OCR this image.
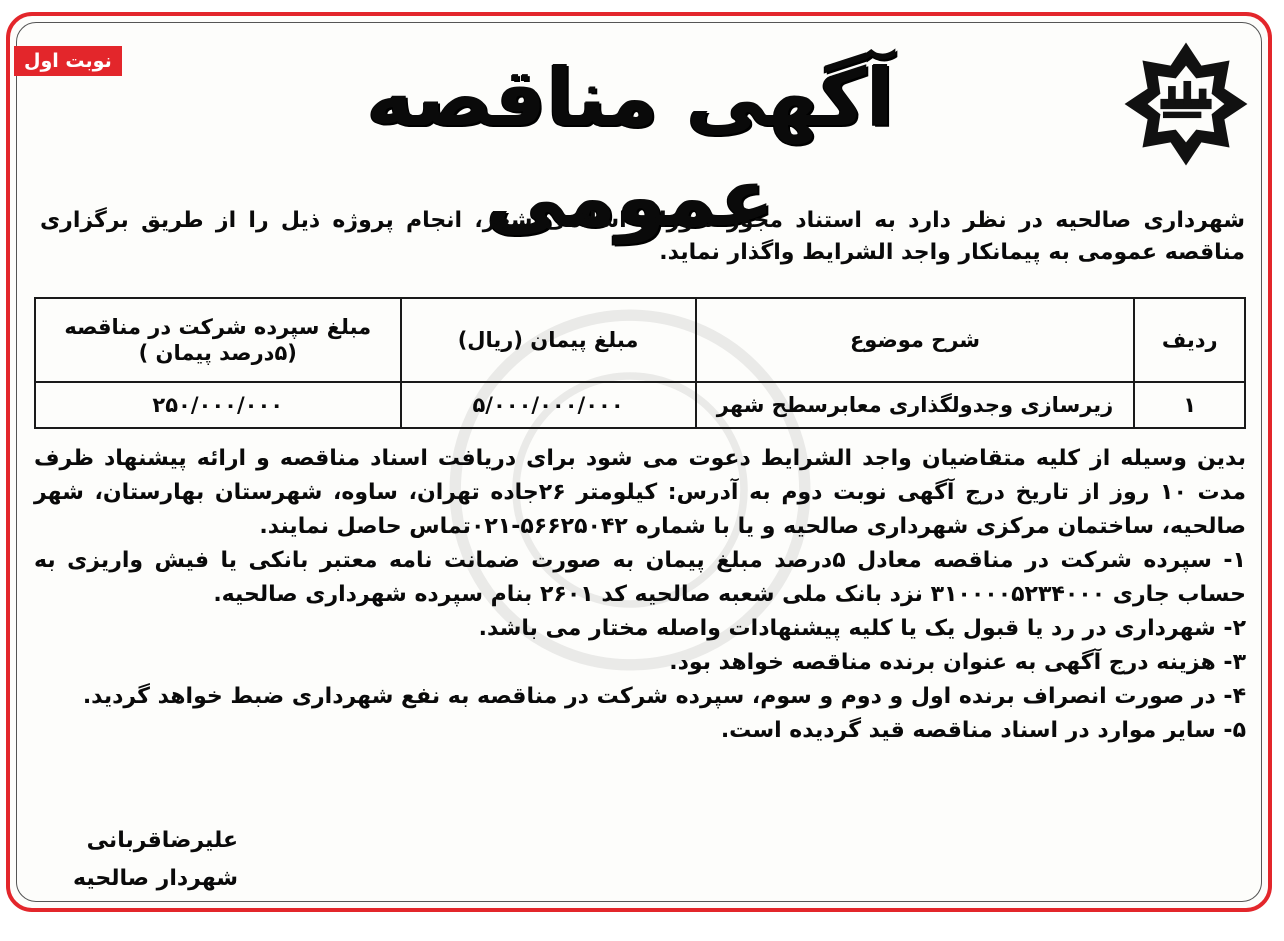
نوبت اول	آگهی مناقصه عمومی
شهرداری صالحیه در نظر دارد به استناد مجوز شورای اسلامی شهر، انجام پروژه ذیل را از طریق برگزاری مناقصه عمومی به پیمانکار واجد الشرایط واگذار نماید.
ردیف	شرح موضوع	مبلغ پیمان (ریال)	مبلغ سپرده شرکت در مناقصه (۵درصد پیمان )
۱	زیرسازی وجدولگذاری معابرسطح شهر	۵/۰۰۰/۰۰۰/۰۰۰	۲۵۰/۰۰۰/۰۰۰

بدین وسیله از کلیه متقاضیان واجد الشرایط دعوت می شود برای دریافت اسناد مناقصه و ارائه پیشنهاد ظرف مدت ۱۰ روز از تاریخ درج آگهی نوبت دوم به آدرس: کیلومتر ۲۶جاده تهران، ساوه، شهرستان بهارستان، شهر صالحیه، ساختمان مرکزی شهرداری صالحیه و یا با شماره ۵۶۶۲۵۰۴۲-۰۲۱تماس حاصل نمایند.

۱- سپرده شرکت در مناقصه معادل ۵درصد مبلغ پیمان به صورت ضمانت نامه معتبر بانکی یا فیش واریزی به حساب جاری ۳۱۰۰۰۰۵۲۳۴۰۰۰ نزد بانک ملی شعبه صالحیه کد ۲۶۰۱ بنام سپرده شهرداری صالحیه.

۲- شهرداری در رد یا قبول یک یا کلیه پیشنهادات واصله مختار می باشد.

۳- هزینه درج آگهی به عنوان برنده مناقصه خواهد بود.

۴- در صورت انصراف برنده اول و دوم و سوم، سپرده شرکت در مناقصه به نفع شهرداری ضبط خواهد گردید.

۵- سایر موارد در اسناد مناقصه قید گردیده است.

علیرضاقربانی
شهردار صالحیه
